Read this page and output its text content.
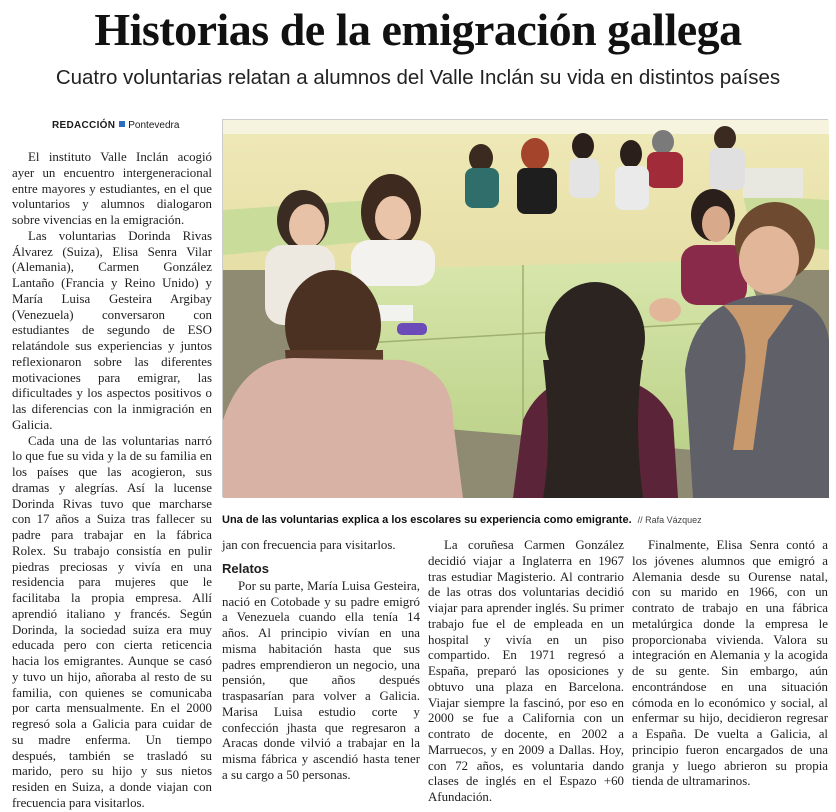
Historias de la emigración gallega
Cuatro voluntarias relatan a alumnos del Valle Inclán su vida en distintos países
REDACCIÓN Pontevedra

El instituto Valle Inclán acogió ayer un encuentro intergeneracional entre mayores y estudiantes, en el que voluntarios y alumnos dialogaron sobre vivencias en la emigración.

Las voluntarias Dorinda Rivas Álvarez (Suiza), Elisa Senra Vilar (Alemania), Carmen González Lantaño (Francia y Reino Unido) y María Luisa Gesteira Argibay (Venezuela) conversaron con estudiantes de segundo de ESO relatándole sus experiencias y juntos reflexionaron sobre las diferentes motivaciones para emigrar, las dificultades y los aspectos positivos o las diferencias con la inmigración en Galicia.

Cada una de las voluntarias narró lo que fue su vida y la de su familia en los países que las acogieron, sus dramas y alegrías. Así la lucense Dorinda Rivas tuvo que marcharse con 17 años a Suiza tras fallecer su padre para trabajar en la fábrica Rolex. Su trabajo consistía en pulir piedras preciosas y vivía en una residencia para mujeres que le facilitaba la propia empresa. Allí aprendió italiano y francés. Según Dorinda, la sociedad suiza era muy educada pero con cierta reticencia hacia los emigrantes. Aunque se casó y tuvo un hijo, añoraba al resto de su familia, con quienes se comunicaba por carta mensualmente. En el 2000 regresó sola a Galicia para cuidar de su madre enferma. Un tiempo después, también se trasladó su marido, pero su hijo y sus nietos residen en Suiza, a donde viajan con frecuencia para visitarlos.

Una de las voluntarias explica a los escolares su experiencia como emigrante. // Rafa Vázquez

jan con frecuencia para visitarlos.

Relatos

Por su parte, María Luisa Gesteira, nació en Cotobade y su padre emigró a Venezuela cuando ella tenía 14 años. Al principio vivían en una misma habitación hasta que sus padres emprendieron un negocio, una pensión, que años después traspasarían para volver a Galicia. Marisa Luisa estudio corte y confección jhasta que regresaron a Aracas donde vilvió a trabajar en la misma fábrica y ascendió hasta tener a su cargo a 50 personas.

La coruñesa Carmen González decidió viajar a Inglaterra en 1967 tras estudiar Magisterio. Al contrario de las otras dos voluntarias decidió viajar para aprender inglés. Su primer trabajo fue el de empleada en un hospital y vivía en un piso compartido. En 1971 regresó a España, preparó las oposiciones y obtuvo una plaza en Barcelona. Viajar siempre la fascinó, por eso en 2000 se fue a California con un contrato de docente, en 2002 a Marruecos, y en 2009 a Dallas. Hoy, con 72 años, es voluntaria dando clases de inglés en el Espazo +60 Afundación.

Finalmente, Elisa Senra contó a los jóvenes alumnos que emigró a Alemania desde su Ourense natal, con su marido en 1966, con un contrato de trabajo en una fábrica metalúrgica donde la empresa le proporcionaba vivienda. Valora su integración en Alemania y la acogida de su gente. Sin embargo, aún encontrándose en una situación cómoda en lo económico y social, al enfermar su hijo, decidieron regresar a España. De vuelta a Galicia, al principio fueron encargados de una granja y luego abrieron su propia tienda de ultramarinos.
